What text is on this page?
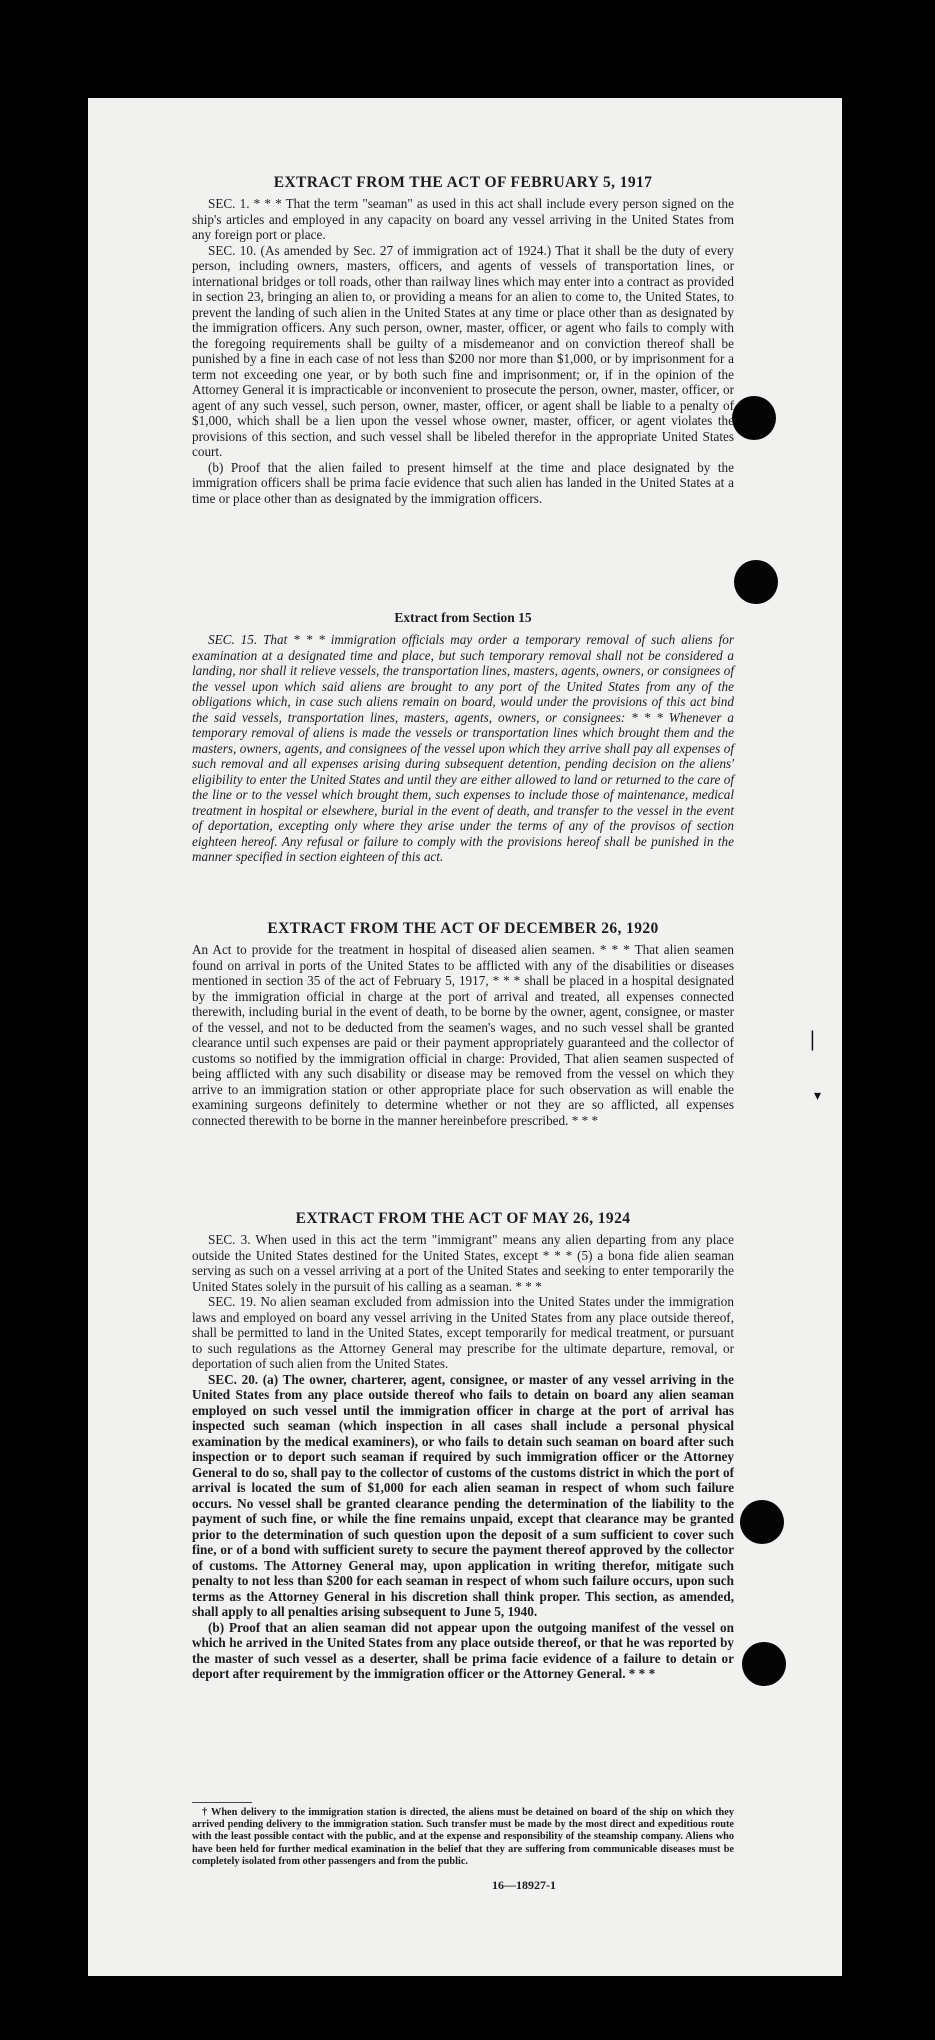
|
▾
EXTRACT FROM THE ACT OF FEBRUARY 5, 1917

SEC. 1. * * * That the term "seaman" as used in this act shall include every person signed on the ship's articles and employed in any capacity on board any vessel arriving in the United States from any foreign port or place.

SEC. 10. (As amended by Sec. 27 of immigration act of 1924.) That it shall be the duty of every person, including owners, masters, officers, and agents of vessels of transportation lines, or international bridges or toll roads, other than railway lines which may enter into a contract as provided in section 23, bringing an alien to, or providing a means for an alien to come to, the United States, to prevent the landing of such alien in the United States at any time or place other than as designated by the immigration officers. Any such person, owner, master, officer, or agent who fails to comply with the foregoing requirements shall be guilty of a misdemeanor and on conviction thereof shall be punished by a fine in each case of not less than $200 nor more than $1,000, or by imprisonment for a term not exceeding one year, or by both such fine and imprisonment; or, if in the opinion of the Attorney General it is impracticable or inconvenient to prosecute the person, owner, master, officer, or agent of any such vessel, such person, owner, master, officer, or agent shall be liable to a penalty of $1,000, which shall be a lien upon the vessel whose owner, master, officer, or agent violates the provisions of this section, and such vessel shall be libeled therefor in the appropriate United States court.

(b) Proof that the alien failed to present himself at the time and place designated by the immigration officers shall be prima facie evidence that such alien has landed in the United States at a time or place other than as designated by the immigration officers.

Extract from Section 15

SEC. 15. That * * * immigration officials may order a temporary removal of such aliens for examination at a designated time and place, but such temporary removal shall not be considered a landing, nor shall it relieve vessels, the transportation lines, masters, agents, owners, or consignees of the vessel upon which said aliens are brought to any port of the United States from any of the obligations which, in case such aliens remain on board, would under the provisions of this act bind the said vessels, transportation lines, masters, agents, owners, or consignees: * * * Whenever a temporary removal of aliens is made the vessels or transportation lines which brought them and the masters, owners, agents, and consignees of the vessel upon which they arrive shall pay all expenses of such removal and all expenses arising during subsequent detention, pending decision on the aliens' eligibility to enter the United States and until they are either allowed to land or returned to the care of the line or to the vessel which brought them, such expenses to include those of maintenance, medical treatment in hospital or elsewhere, burial in the event of death, and transfer to the vessel in the event of deportation, excepting only where they arise under the terms of any of the provisos of section eighteen hereof. Any refusal or failure to comply with the provisions hereof shall be punished in the manner specified in section eighteen of this act.

EXTRACT FROM THE ACT OF DECEMBER 26, 1920

An Act to provide for the treatment in hospital of diseased alien seamen. * * * That alien seamen found on arrival in ports of the United States to be afflicted with any of the disabilities or diseases mentioned in section 35 of the act of February 5, 1917, * * * shall be placed in a hospital designated by the immigration official in charge at the port of arrival and treated, all expenses connected therewith, including burial in the event of death, to be borne by the owner, agent, consignee, or master of the vessel, and not to be deducted from the seamen's wages, and no such vessel shall be granted clearance until such expenses are paid or their payment appropriately guaranteed and the collector of customs so notified by the immigration official in charge: Provided, That alien seamen suspected of being afflicted with any such disability or disease may be removed from the vessel on which they arrive to an immigration station or other appropriate place for such observation as will enable the examining surgeons definitely to determine whether or not they are so afflicted, all expenses connected therewith to be borne in the manner hereinbefore prescribed. * * *

EXTRACT FROM THE ACT OF MAY 26, 1924

SEC. 3. When used in this act the term "immigrant" means any alien departing from any place outside the United States destined for the United States, except * * * (5) a bona fide alien seaman serving as such on a vessel arriving at a port of the United States and seeking to enter temporarily the United States solely in the pursuit of his calling as a seaman. * * *

SEC. 19. No alien seaman excluded from admission into the United States under the immigration laws and employed on board any vessel arriving in the United States from any place outside thereof, shall be permitted to land in the United States, except temporarily for medical treatment, or pursuant to such regulations as the Attorney General may prescribe for the ultimate departure, removal, or deportation of such alien from the United States.

SEC. 20. (a) The owner, charterer, agent, consignee, or master of any vessel arriving in the United States from any place outside thereof who fails to detain on board any alien seaman employed on such vessel until the immigration officer in charge at the port of arrival has inspected such seaman (which inspection in all cases shall include a personal physical examination by the medical examiners), or who fails to detain such seaman on board after such inspection or to deport such seaman if required by such immigration officer or the Attorney General to do so, shall pay to the collector of customs of the customs district in which the port of arrival is located the sum of $1,000 for each alien seaman in respect of whom such failure occurs. No vessel shall be granted clearance pending the determination of the liability to the payment of such fine, or while the fine remains unpaid, except that clearance may be granted prior to the determination of such question upon the deposit of a sum sufficient to cover such fine, or of a bond with sufficient surety to secure the payment thereof approved by the collector of customs. The Attorney General may, upon application in writing therefor, mitigate such penalty to not less than $200 for each seaman in respect of whom such failure occurs, upon such terms as the Attorney General in his discretion shall think proper. This section, as amended, shall apply to all penalties arising subsequent to June 5, 1940.

(b) Proof that an alien seaman did not appear upon the outgoing manifest of the vessel on which he arrived in the United States from any place outside thereof, or that he was reported by the master of such vessel as a deserter, shall be prima facie evidence of a failure to detain or deport after requirement by the immigration officer or the Attorney General. * * *

† When delivery to the immigration station is directed, the aliens must be detained on board of the ship on which they arrived pending delivery to the immigration station. Such transfer must be made by the most direct and expeditious route with the least possible contact with the public, and at the expense and responsibility of the steamship company. Aliens who have been held for further medical examination in the belief that they are suffering from communicable diseases must be completely isolated from other passengers and from the public.

16—18927-1
